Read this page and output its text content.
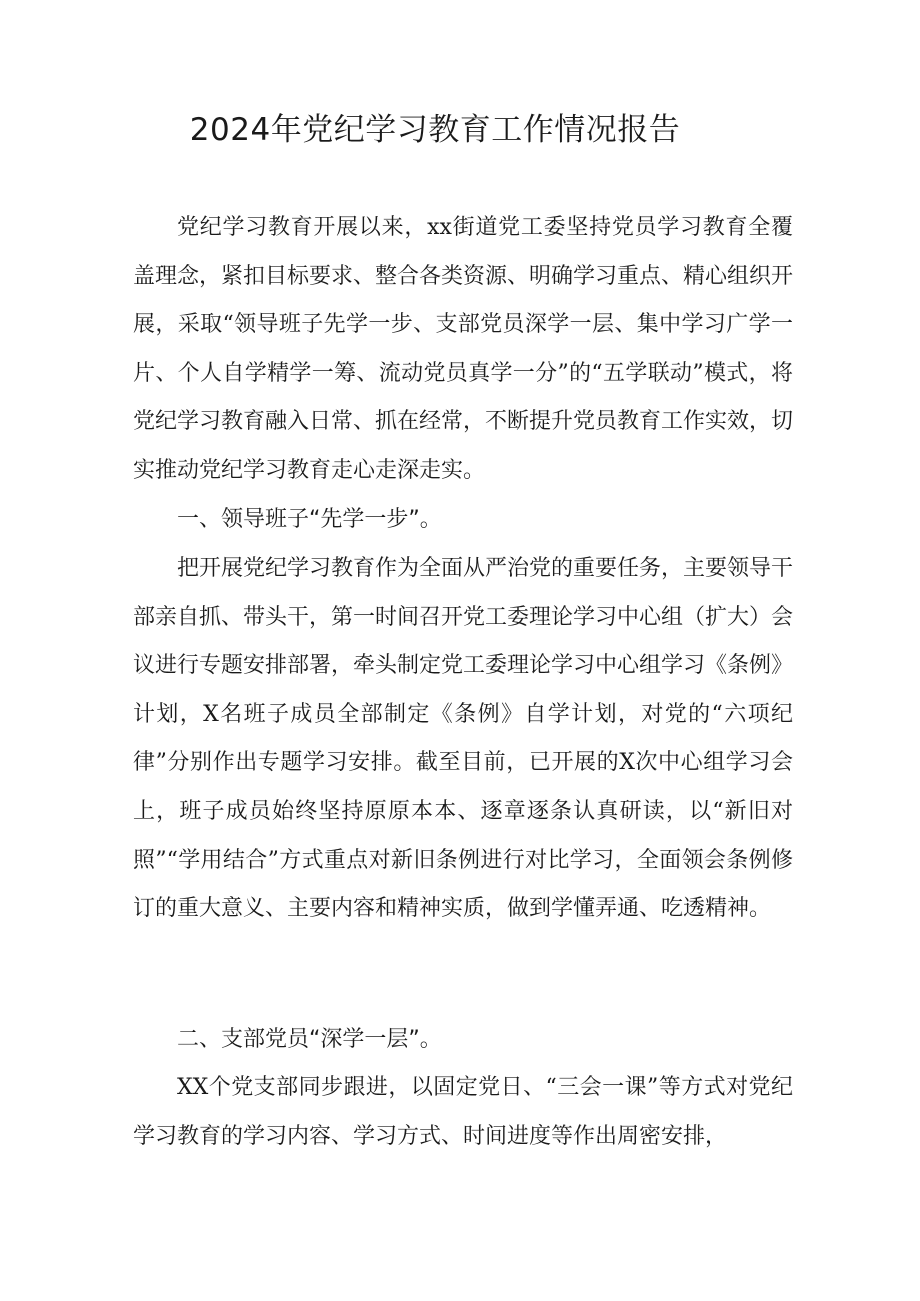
2024年党纪学习教育工作情况报告

党纪学习教育开展以来，xx街道党工委坚持党员学习教育全覆盖理念，紧扣目标要求、整合各类资源、明确学习重点、精心组织开展，采取“领导班子先学一步、支部党员深学一层、集中学习广学一片、个人自学精学一筹、流动党员真学一分”的“五学联动”模式，将党纪学习教育融入日常、抓在经常，不断提升党员教育工作实效，切实推动党纪学习教育走心走深走实。

一、领导班子“先学一步”。

把开展党纪学习教育作为全面从严治党的重要任务，主要领导干部亲自抓、带头干，第一时间召开党工委理论学习中心组（扩大）会议进行专题安排部署，牵头制定党工委理论学习中心组学习《条例》计划，X名班子成员全部制定《条例》自学计划，对党的“六项纪律”分别作出专题学习安排。截至目前，已开展的X次中心组学习会上，班子成员始终坚持原原本本、逐章逐条认真研读，以“新旧对照”“学用结合”方式重点对新旧条例进行对比学习，全面领会条例修订的重大意义、主要内容和精神实质，做到学懂弄通、吃透精神。

二、支部党员“深学一层”。

XX个党支部同步跟进，以固定党日、“三会一课”等方式对党纪学习教育的学习内容、学习方式、时间进度等作出周密安排，
